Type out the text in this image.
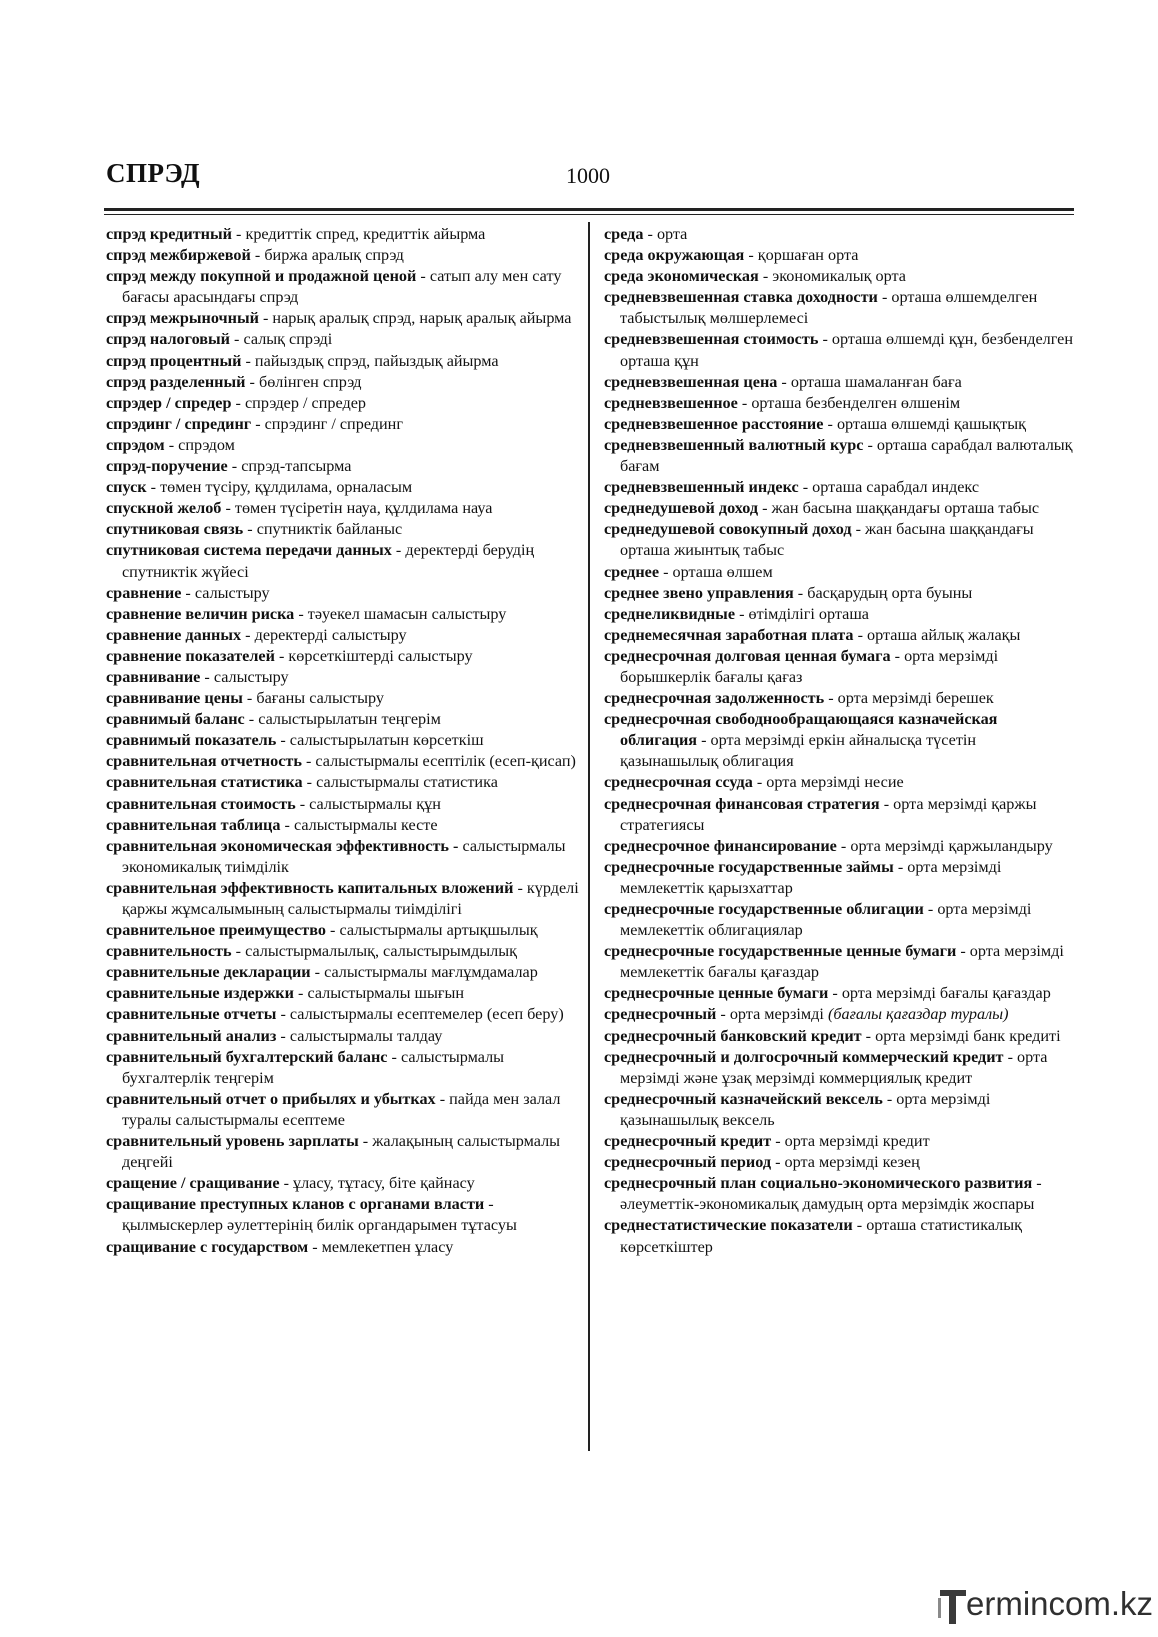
СПРЭД	1000

спрэд кредитный - кредиттік спред, кредиттік айырма

спрэд межбиржевой - биржа аралық спрэд

спрэд между покупной и продажной ценой - сатып алу мен сату бағасы арасындағы спрэд

спрэд межрыночный - нарық аралық спрэд, нарық аралық айырма

спрэд налоговый - салық спрэді

спрэд процентный - пайыздық спрэд, пайыздық айырма

спрэд разделенный - бөлінген спрэд

спрэдер / спредер - спрэдер / спредер

спрэдинг / спрединг - спрэдинг / спрединг

спрэдом - спрэдом

спрэд-поручение - спрэд-тапсырма

спуск - төмен түсіру, құлдилама, орналасым

спускной желоб - төмен түсіретін науа, құлдилама науа

спутниковая связь - спутниктік байланыс

спутниковая система передачи данных - деректерді берудің спутниктік жүйесі

сравнение - салыстыру

сравнение величин риска - тәуекел шамасын салыстыру

сравнение данных - деректерді салыстыру

сравнение показателей - көрсеткіштерді салыстыру

сравнивание - салыстыру

сравнивание цены - бағаны салыстыру

сравнимый баланс - салыстырылатын теңгерім

сравнимый показатель - салыстырылатын көрсеткіш

сравнительная отчетность - салыстырмалы есептілік (есеп-қисап)

сравнительная статистика - салыстырмалы статистика

сравнительная стоимость - салыстырмалы құн

сравнительная таблица - салыстырмалы кесте

сравнительная экономическая эффективность - салыстырмалы экономикалық тиімділік

сравнительная эффективность капитальных вложений - күрделі қаржы жұмсалымының салыстырмалы тиімділігі

сравнительное преимущество - салыстырмалы артықшылық

сравнительность - салыстырмалылық, салыстырымдылық

сравнительные декларации - салыстырмалы мағлұмдамалар

сравнительные издержки - салыстырмалы шығын

сравнительные отчеты - салыстырмалы есептемелер (есеп беру)

сравнительный анализ - салыстырмалы талдау

сравнительный бухгалтерский баланс - салыстырмалы бухгалтерлік теңгерім

сравнительный отчет о прибылях и убытках - пайда мен залал туралы салыстырмалы есептеме

сравнительный уровень зарплаты - жалақының салыстырмалы деңгейі

сращение / сращивание - ұласу, тұтасу, біте қайнасу

сращивание преступных кланов с органами власти - қылмыскерлер әулеттерінің билік органдарымен тұтасуы

сращивание с государством - мемлекетпен ұласу

среда - орта

среда окружающая - қоршаған орта

среда экономическая - экономикалық орта

средневзвешенная ставка доходности - орташа өлшемделген табыстылық мөлшерлемесі

средневзвешенная стоимость - орташа өлшемді құн, безбенделген орташа құн

средневзвешенная цена - орташа шамаланған баға

средневзвешенное - орташа безбенделген өлшенім

средневзвешенное расстояние - орташа өлшемді қашықтық

средневзвешенный валютный курс - орташа сарабдал валюталық бағам

средневзвешенный индекс - орташа сарабдал индекс

среднедушевой доход - жан басына шаққандағы орташа табыс

среднедушевой совокупный доход - жан басына шаққандағы орташа жиынтық табыс

среднее - орташа өлшем

среднее звено управления - басқарудың орта буыны

среднеликвидные - өтімділігі орташа

среднемесячная заработная плата - орташа айлық жалақы

среднесрочная долговая ценная бумага - орта мерзімді борышкерлік бағалы қағаз

среднесрочная задолженность - орта мерзімді берешек

среднесрочная свободнообращающаяся казначейская облигация - орта мерзімді еркін айналысқа түсетін қазынашылық облигация

среднесрочная ссуда - орта мерзімді несие

среднесрочная финансовая стратегия - орта мерзімді қаржы стратегиясы

среднесрочное финансирование - орта мерзімді қаржыландыру

среднесрочные государственные займы - орта мерзімді мемлекеттік қарызхаттар

среднесрочные государственные облигации - орта мерзімді мемлекеттік облигациялар

среднесрочные государственные ценные бумаги - орта мерзімді мемлекеттік бағалы қағаздар

среднесрочные ценные бумаги - орта мерзімді бағалы қағаздар

среднесрочный - орта мерзімді (бағалы қағаздар туралы)

среднесрочный банковский кредит - орта мерзімді банк кредиті

среднесрочный и долгосрочный коммерческий кредит - орта мерзімді және ұзақ мерзімді коммерциялық кредит

среднесрочный казначейский вексель - орта мерзімді қазынашылық вексель

среднесрочный кредит - орта мерзімді кредит

среднесрочный период - орта мерзімді кезең

среднесрочный план социально-экономического развития - әлеуметтік-экономикалық дамудың орта мерзімдік жоспары

среднестатистические показатели - орташа статистикалық көрсеткіштер

ermincom.kz
